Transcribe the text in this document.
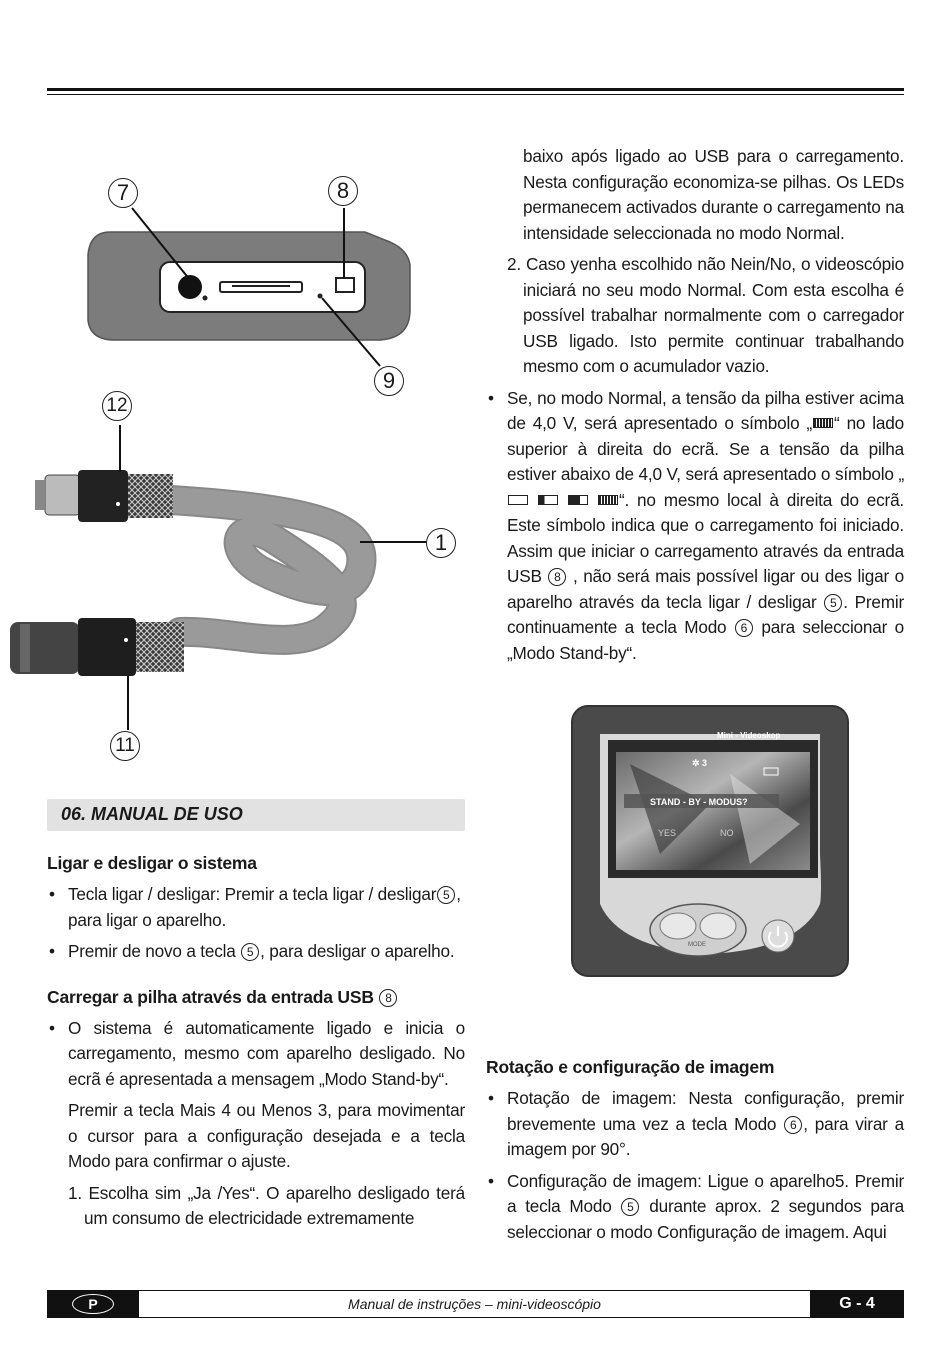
7	8
9
12
1
11
STAND - BY - MODUS?
YES	NO
Mini - Videoskop
✲ 3
MODE
06. MANUAL DE USO
Ligar e desligar o sistema

• Tecla ligar / desligar: Premir a tecla ligar / desligar 5 ,
para ligar o aparelho.

• Premir de novo a tecla 5 , para desligar o aparelho.

Carregar a pilha através da entrada USB 8

• O sistema é automaticamente ligado e inicia o carregamento, mesmo com aparelho desligado. No ecrã é apresentada a mensagem „Modo Stand-by“.

Premir a tecla Mais 4 ou Menos 3, para movimentar o cursor para a configuração desejada e a tecla Modo para confirmar o ajuste.

1. Escolha sim „Ja /Yes“. O aparelho desligado terá um consumo de electricidade extremamente

baixo após ligado ao USB para o carregamento. Nesta configuração economiza-se pilhas. Os LEDs permanecem activados durante o carregamento na intensidade seleccionada no modo Normal.

2. Caso yenha escolhido não Nein/No, o videoscópio iniciará no seu modo Normal. Com esta escolha é possível trabalhar normalmente com o carregador USB ligado. Isto permite continuar trabalhando mesmo com o acumulador vazio.

• Se, no modo Normal, a tensão da pilha estiver acima de 4,0 V, será apresentado o símbolo „ “ no lado superior à direita do ecrã. Se a tensão da pilha estiver abaixo de 4,0 V, será apresentado o símbolo „   “. no mesmo local à direita do ecrã. Este símbolo indica que o carregamento foi iniciado. Assim que iniciar o carregamento através da entrada USB 8 , não será mais possível ligar ou des ligar o aparelho através da tecla ligar / desligar 5 . Premir continuamente a tecla Modo 6 para seleccionar o „Modo Stand-by“.

Rotação e configuração de imagem

• Rotação de imagem: Nesta configuração, premir brevemente uma vez a tecla Modo 6 , para virar a imagem por 90°.

• Configuração de imagem: Ligue o aparelho5. Premir a tecla Modo 5 durante aprox. 2 segundos para seleccionar o modo Configuração de imagem. Aqui

P	Manual de instruções – mini-videoscópio	G - 4
